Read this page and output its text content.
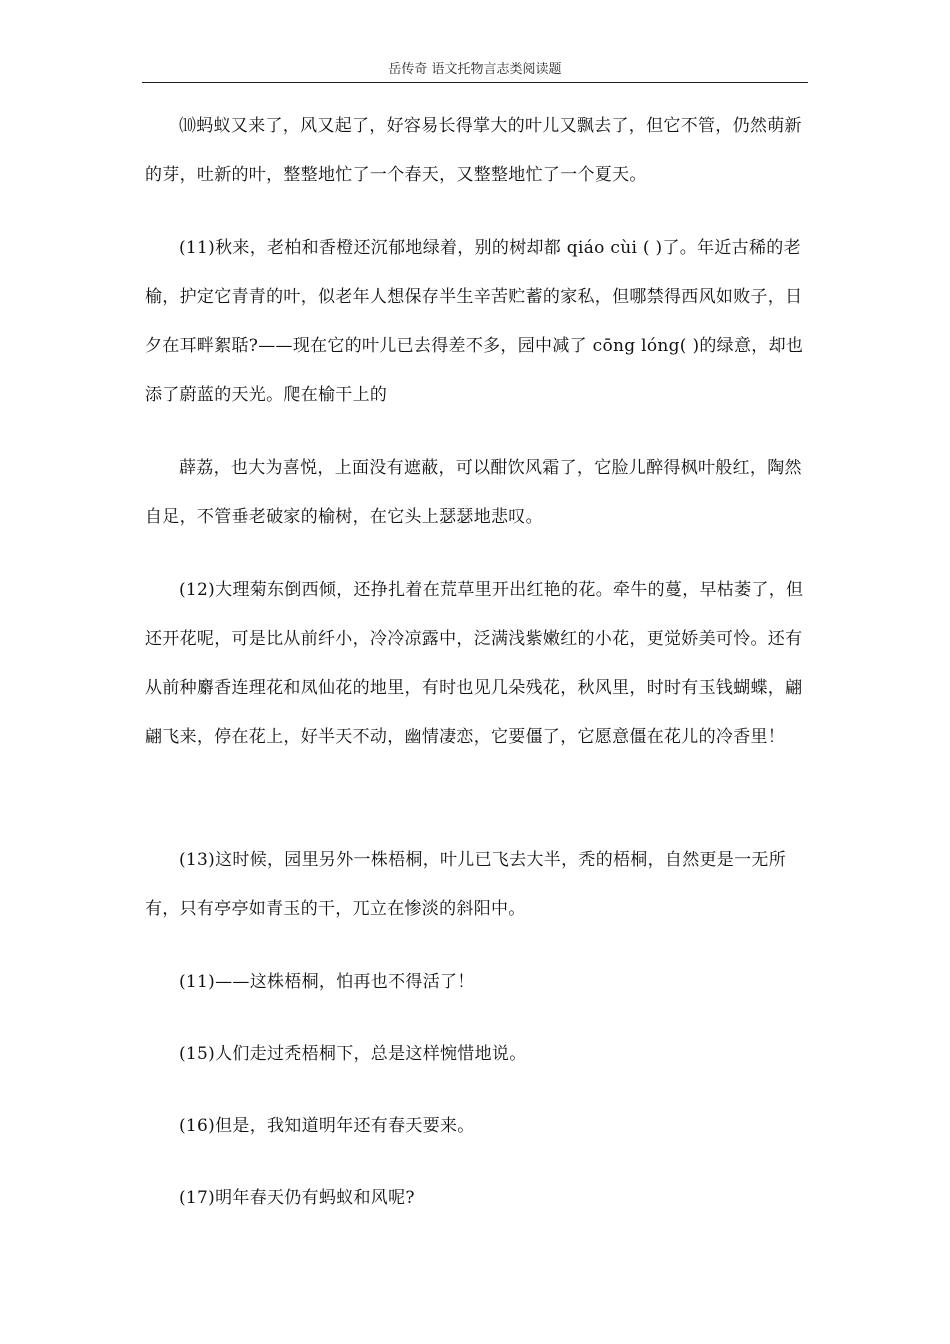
岳传奇 语文托物言志类阅读题

⑽蚂蚁又来了，风又起了，好容易长得掌大的叶儿又飘去了，但它不管，仍然萌新的芽，吐新的叶，整整地忙了一个春天，又整整地忙了一个夏天。

(11)秋来，老柏和香橙还沉郁地绿着，别的树却都 qiáo cùi ( )了。年近古稀的老榆，护定它青青的叶，似老年人想保存半生辛苦贮蓄的家私，但哪禁得西风如败子，日夕在耳畔絮聒?——现在它的叶儿已去得差不多，园中减了 cōng lóng( )的绿意，却也添了蔚蓝的天光。爬在榆干上的

薜荔，也大为喜悦，上面没有遮蔽，可以酣饮风霜了，它脸儿醉得枫叶般红，陶然自足，不管垂老破家的榆树，在它头上瑟瑟地悲叹。

(12)大理菊东倒西倾，还挣扎着在荒草里开出红艳的花。牵牛的蔓，早枯萎了，但还开花呢，可是比从前纤小，冷冷凉露中，泛满浅紫嫩红的小花，更觉娇美可怜。还有从前种麝香连理花和凤仙花的地里，有时也见几朵残花，秋风里，时时有玉钱蝴蝶，翩翩飞来，停在花上，好半天不动，幽情凄恋，它要僵了，它愿意僵在花儿的冷香里！

(13)这时候，园里另外一株梧桐，叶儿已飞去大半，秃的梧桐，自然更是一无所有，只有亭亭如青玉的干，兀立在惨淡的斜阳中。

(11)——这株梧桐，怕再也不得活了！

(15)人们走过秃梧桐下，总是这样惋惜地说。

(16)但是，我知道明年还有春天要来。

(17)明年春天仍有蚂蚁和风呢?
